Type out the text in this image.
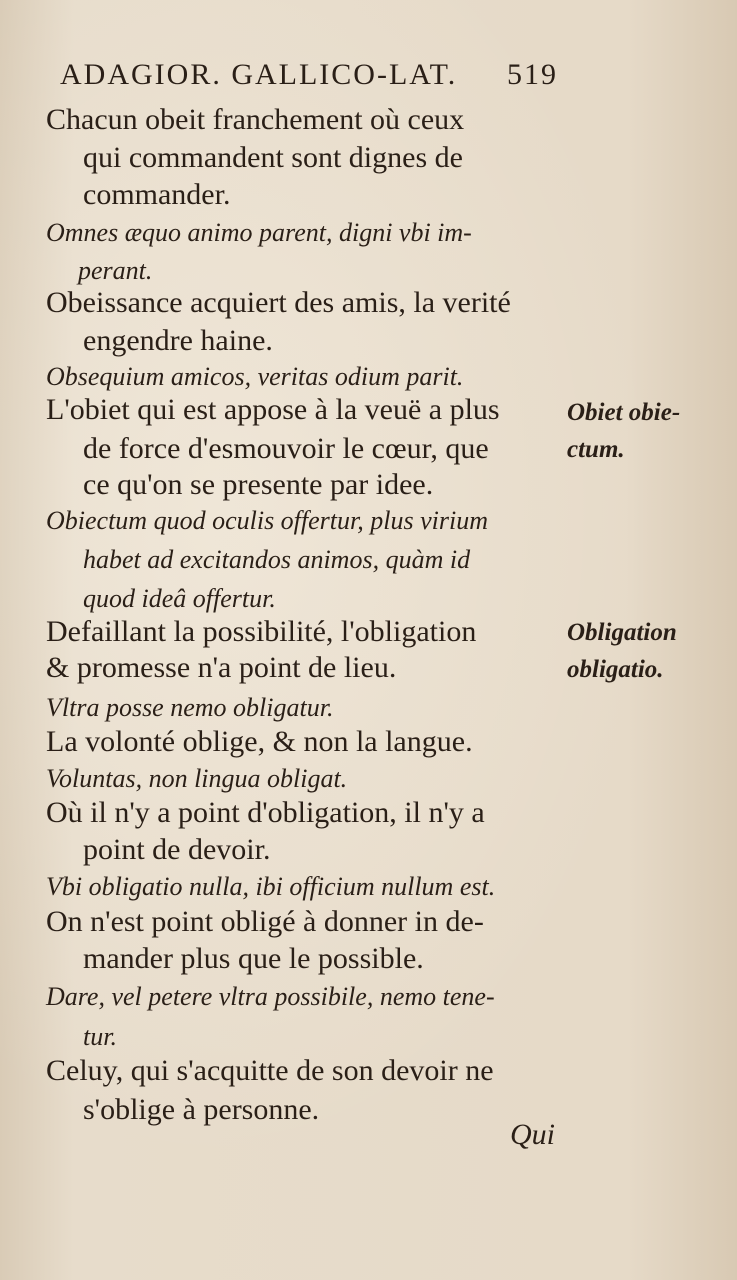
ADAGIOR. GALLICO-LAT. 519
Chacun obeit franchement où ceux
qui commandent sont dignes de
commander.
Omnes æquo animo parent, digni vbi im-
perant.
Obeissance acquiert des amis, la verité
engendre haine.
Obsequium amicos, veritas odium parit.
L'obiet qui est appose à la veuë a plus
de force d'esmouvoir le cœur, que
ce qu'on se presente par idee.
Obiectum quod oculis offertur, plus virium
habet ad excitandos animos, quàm id
quod ideâ offertur.
Defaillant la possibilité, l'obligation
& promesse n'a point de lieu.
Vltra posse nemo obligatur.
La volonté oblige, & non la langue.
Voluntas, non lingua obligat.
Où il n'y a point d'obligation, il n'y a
point de devoir.
Vbi obligatio nulla, ibi officium nullum est.
On n'est point obligé à donner in de-
mander plus que le possible.
Dare, vel petere vltra possibile, nemo tene-
tur.
Celuy, qui s'acquitte de son devoir ne
s'oblige à personne.
Obiet obie-
ctum.
Obligation
obligatio.
Qui
